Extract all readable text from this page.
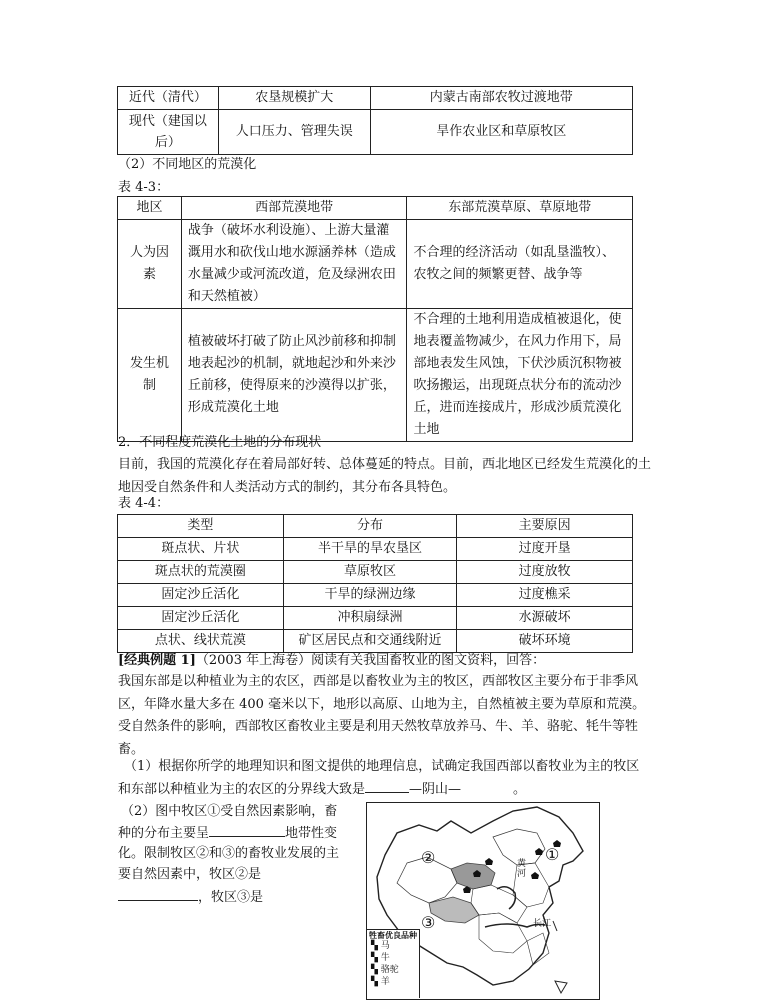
近代（清代）	农垦规模扩大	内蒙古南部农牧过渡地带
现代（建国以后）	人口压力、管理失误	旱作农业区和草原牧区
（2）不同地区的荒漠化
表 4-3：
地区	西部荒漠地带	东部荒漠草原、草原地带
人为因素	战争（破坏水利设施）、上游大量灌溉用水和砍伐山地水源涵养林（造成水量减少或河流改道，危及绿洲农田和天然植被）	不合理的经济活动（如乱垦滥牧）、农牧之间的频繁更替、战争等
发生机制	植被破坏打破了防止风沙前移和抑制地表起沙的机制，就地起沙和外来沙丘前移，使得原来的沙漠得以扩张，形成荒漠化土地	不合理的土地利用造成植被退化，使地表覆盖物减少，在风力作用下，局部地表发生风蚀，下伏沙质沉积物被吹扬搬运，出现斑点状分布的流动沙丘，进而连接成片，形成沙质荒漠化土地
2．不同程度荒漠化土地的分布现状
目前，我国的荒漠化存在着局部好转、总体蔓延的特点。目前，西北地区已经发生荒漠化的土地因受自然条件和人类活动方式的制约，其分布各具特色。
表 4-4：
类型	分布	主要原因
斑点状、片状	半干旱的旱农垦区	过度开垦
斑点状的荒漠圈	草原牧区	过度放牧
固定沙丘活化	干旱的绿洲边缘	过度樵采
固定沙丘活化	冲积扇绿洲	水源破坏
点状、线状荒漠	矿区居民点和交通线附近	破坏环境
[经典例题 1]（2003 年上海卷）阅读有关我国畜牧业的图文资料，回答：
我国东部是以种植业为主的农区，西部是以畜牧业为主的牧区，西部牧区主要分布于非季风区，年降水量大多在 400 毫米以下，地形以高原、山地为主，自然植被主要为草原和荒漠。受自然条件的影响，西部牧区畜牧业主要是利用天然牧草放养马、牛、羊、骆驼、牦牛等牲畜。
（1）根据你所学的地理知识和图文提供的地理信息，试确定我国西部以畜牧业为主的牧区
和东部以种植业为主的农区的分界线大致是	—阴山—	。
（2）图中牧区①受自然因素影响，畜
种的分布主要呈	地带性变
化。限制牧区②和③的畜牧业发展的主
要自然因素中，牧区②是
，牧区③是
②	①
③
黄河
长江
牲畜优良品种
▚ 马
▚ 牛
▚ 骆驼
▚ 羊
